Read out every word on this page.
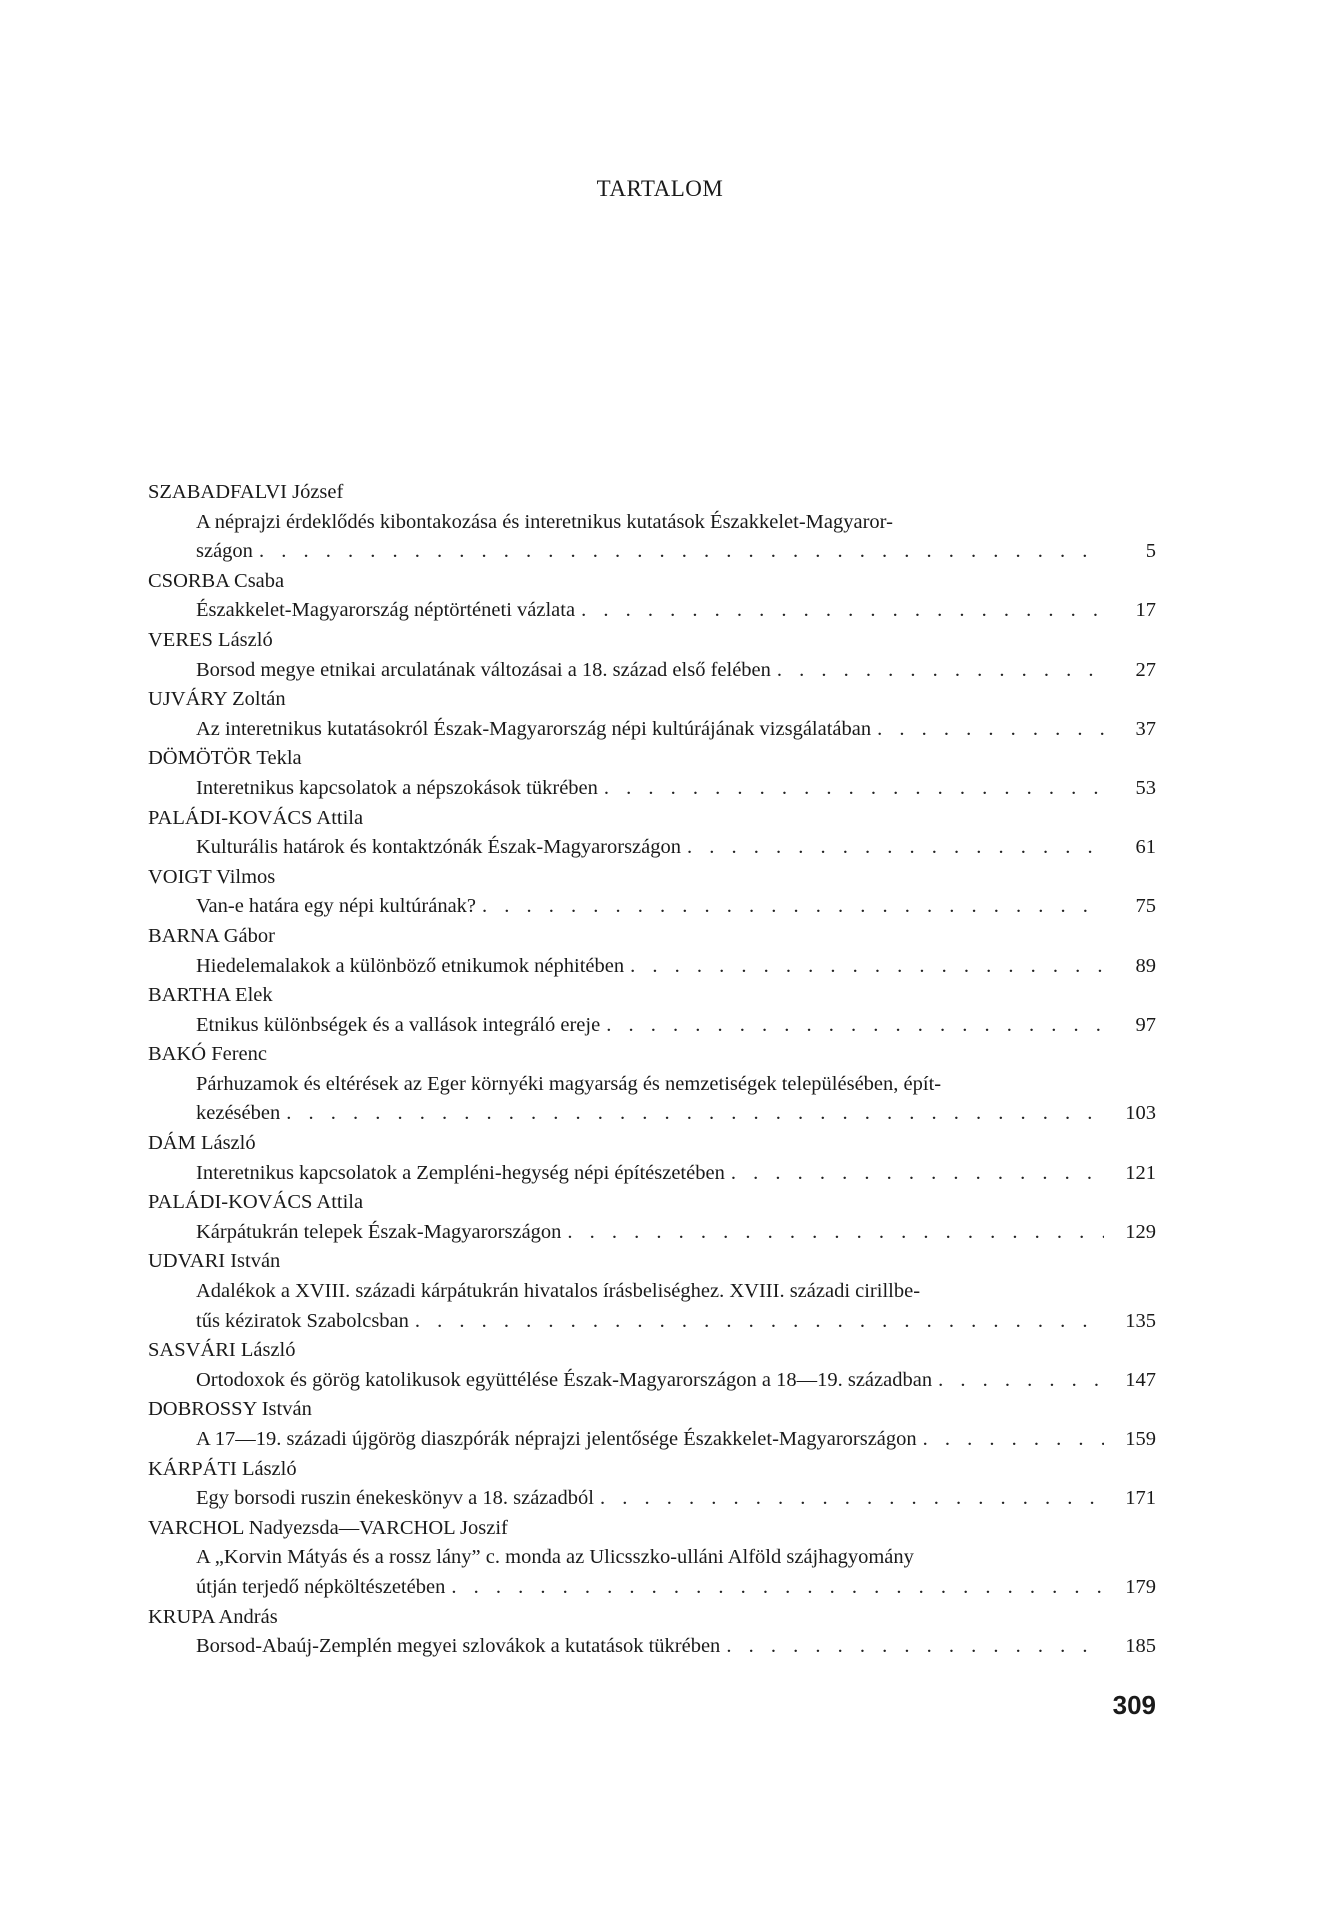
TARTALOM
SZABADFALVI József
A néprajzi érdeklődés kibontakozása és interetnikus kutatások Északkelet-Magyaror-
szágon . . .	5
CSORBA Csaba
Északkelet-Magyarország néptörténeti vázlata . . .	17
VERES László
Borsod megye etnikai arculatának változásai a 18. század első felében . . .	27
UJVÁRY Zoltán
Az interetnikus kutatásokról Észak-Magyarország népi kultúrájának vizsgálatában . . .	37
DÖMÖTÖR Tekla
Interetnikus kapcsolatok a népszokások tükrében . . .	53
PALÁDI-KOVÁCS Attila
Kulturális határok és kontaktzónák Észak-Magyarországon . . .	61
VOIGT Vilmos
Van-e határa egy népi kultúrának? . . .	75
BARNA Gábor
Hiedelemalakok a különböző etnikumok néphitében . . .	89
BARTHA Elek
Etnikus különbségek és a vallások integráló ereje . . .	97
BAKÓ Ferenc
Párhuzamok és eltérések az Eger környéki magyarság és nemzetiségek településében, épít-
kezésében . . .	103
DÁM László
Interetnikus kapcsolatok a Zempléni-hegység népi építészetében . . .	121
PALÁDI-KOVÁCS Attila
Kárpátukrán telepek Észak-Magyarországon . . .	129
UDVARI István
Adalékok a XVIII. századi kárpátukrán hivatalos írásbeliséghez. XVIII. századi cirillbe-
tűs kéziratok Szabolcsban . . .	135
SASVÁRI László
Ortodoxok és görög katolikusok együttélése Észak-Magyarországon a 18—19. században . . .	147
DOBROSSY István
A 17—19. századi újgörög diaszpórák néprajzi jelentősége Északkelet-Magyarországon . . .	159
KÁRPÁTI László
Egy borsodi ruszin énekeskönyv a 18. századból . . .	171
VARCHOL Nadyezsda—VARCHOL Joszif
A „Korvin Mátyás és a rossz lány” c. monda az Ulicsszko-ulláni Alföld szájhagyomány
útján terjedő népköltészetében . . .	179
KRUPA András
Borsod-Abaúj-Zemplén megyei szlovákok a kutatások tükrében . . .	185
309
